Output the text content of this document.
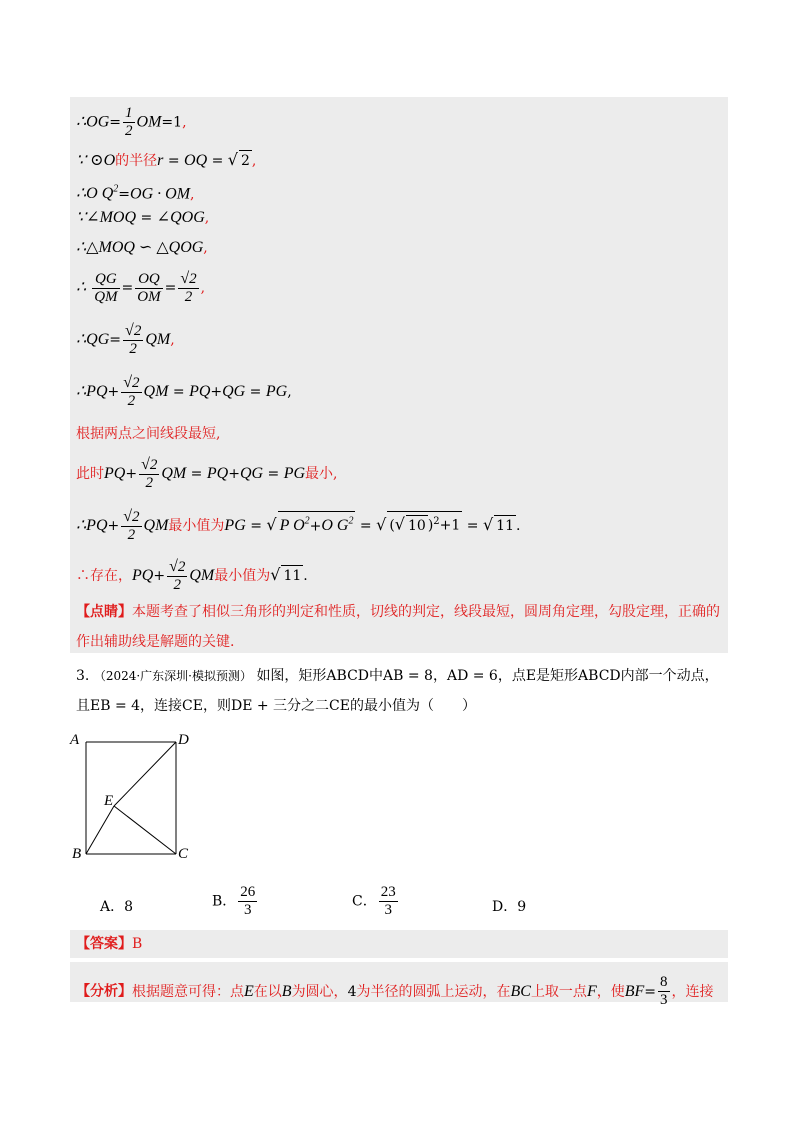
∴OG= $\frac{1}{2} OM=1$,
∵ ⊙O的半径r = OQ = √ 2 ,
∴O $Q^2=OG$ · OM,
∵∠MOQ = ∠QOG,
∴△MOQ ∽ △QOG,
∴ $\frac{QG}{QM} = \frac{OQ}{OM} = \frac{√2}{2}$ ,
∴QG= $\frac{√2}{2}$ QM,
∴PQ+ $\frac{√2}{2}$ QM = PQ+QG = PG,
根据两点之间线段最短,
此时$PQ+ \frac{√2}{2}$ QM = PQ+QG = PG最小,
∴PQ+ $\frac{√2}{2}$ QM最小值为PG = √ P $O^2+O$ $G^2$ = √ (√ 10 )$^2$+1 = √ 11 .
∴存在，$PQ+ \frac{√2}{2}$ QM最小值为√ 11 .
【点睛】本题考查了相似三角形的判定和性质，切线的判定，线段最短，圆周角定理，勾股定理，正确的
作出辅助线是解题的关键.
3. （2024·广东深圳·模拟预测） 如图，矩形ABCD中AB = 8，AD = 6，点E是矩形ABCD内部一个动点，
且EB = 4，连接CE，则DE + 三分之二CE的最小值为（　　）
A	D
E
B	C
A．8	B． $\frac{26}{3}$	C． $\frac{23}{3}$	D．9
【答案】B
【分析】根据题意可得：点E在以B为圆心，4为半径的圆弧上运动，在BC上取一点F，使$BF= \frac{8}{3}$ ，连接
